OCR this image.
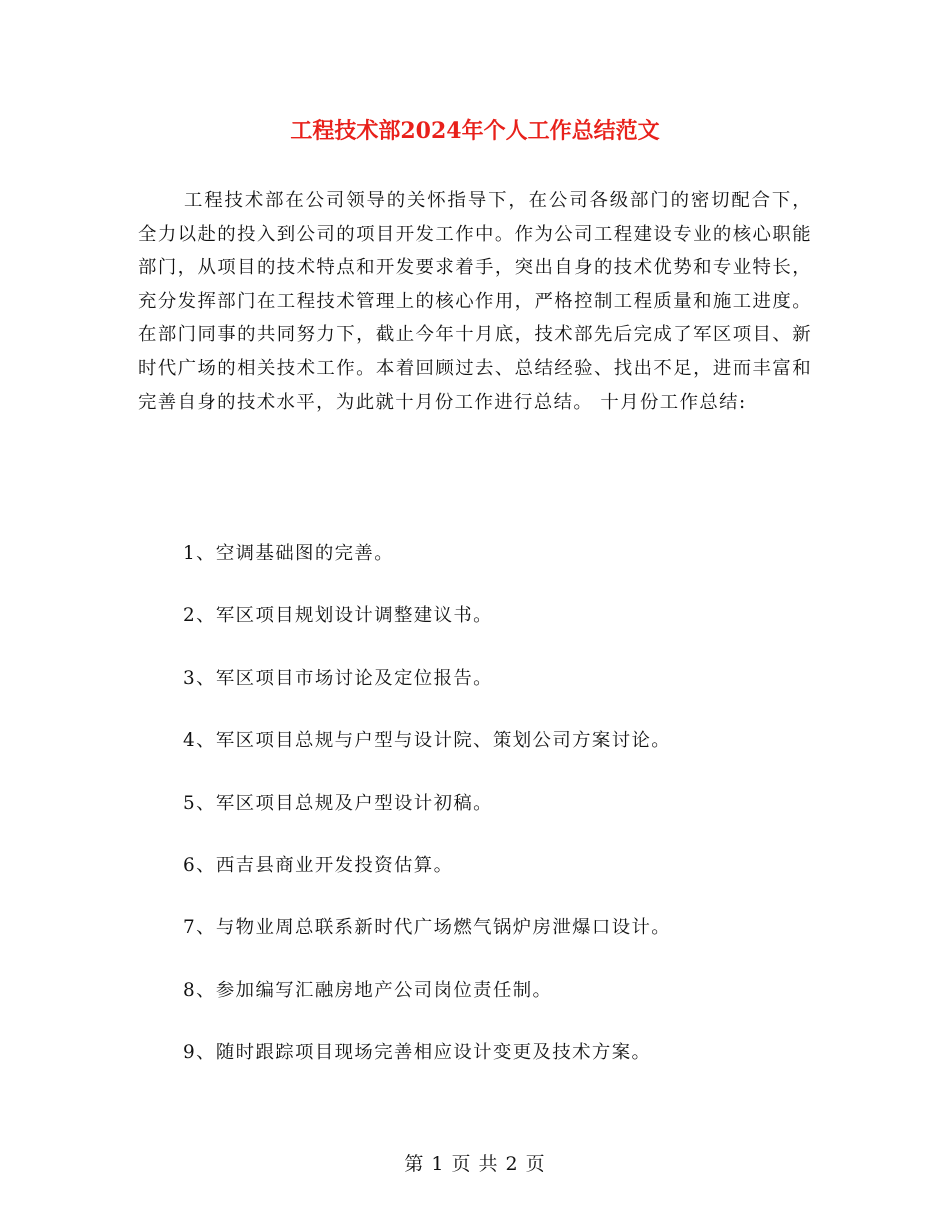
工程技术部2024年个人工作总结范文

工程技术部在公司领导的关怀指导下，在公司各级部门的密切配合下，全力以赴的投入到公司的项目开发工作中。作为公司工程建设专业的核心职能部门，从项目的技术特点和开发要求着手，突出自身的技术优势和专业特长， 充分发挥部门在工程技术管理上的核心作用，严格控制工程质量和施工进度。 在部门同事的共同努力下，截止今年十月底，技术部先后完成了军区项目、新时代广场的相关技术工作。本着回顾过去、总结经验、找出不足，进而丰富和完善自身的技术水平，为此就十月份工作进行总结。 十月份工作总结:

1、空调基础图的完善。
2、军区项目规划设计调整建议书。
3、军区项目市场讨论及定位报告。
4、军区项目总规与户型与设计院、策划公司方案讨论。
5、军区项目总规及户型设计初稿。
6、西吉县商业开发投资估算。
7、与物业周总联系新时代广场燃气锅炉房泄爆口设计。
8、参加编写汇融房地产公司岗位责任制。
9、随时跟踪项目现场完善相应设计变更及技术方案。

第 1 页 共 2 页
